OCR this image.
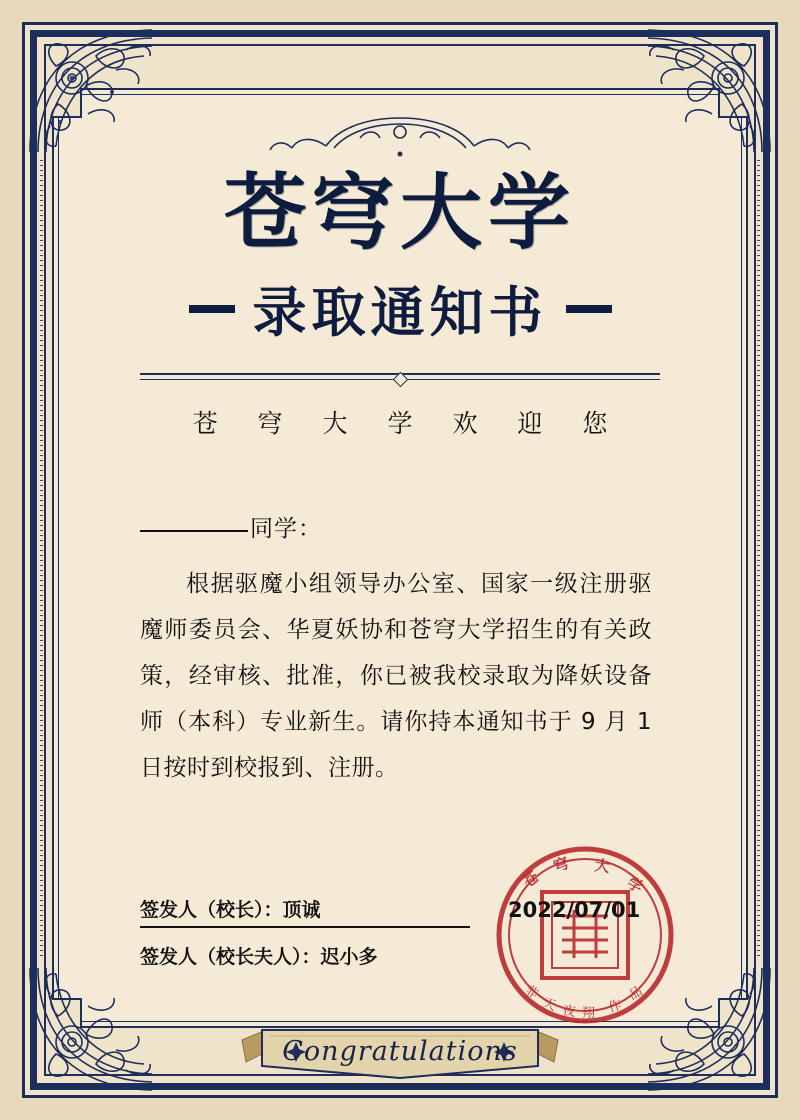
苍穹大学
录取通知书
苍 穹 大 学 欢 迎 您
同学：
根据驱魔小组领导办公室、国家一级注册驱魔师委员会、华夏妖协和苍穹大学招生的有关政策，经审核、批准，你已被我校录取为降妖设备师（本科）专业新生。请你持本通知书于 9 月 1 日按时到校报到、注册。
签发人（校长）：顶诚
签发人（校长夫人）：迟小多
苍
穹 大
学
非
天 夜 翔 作
品
2022/07/01
Congratulations
